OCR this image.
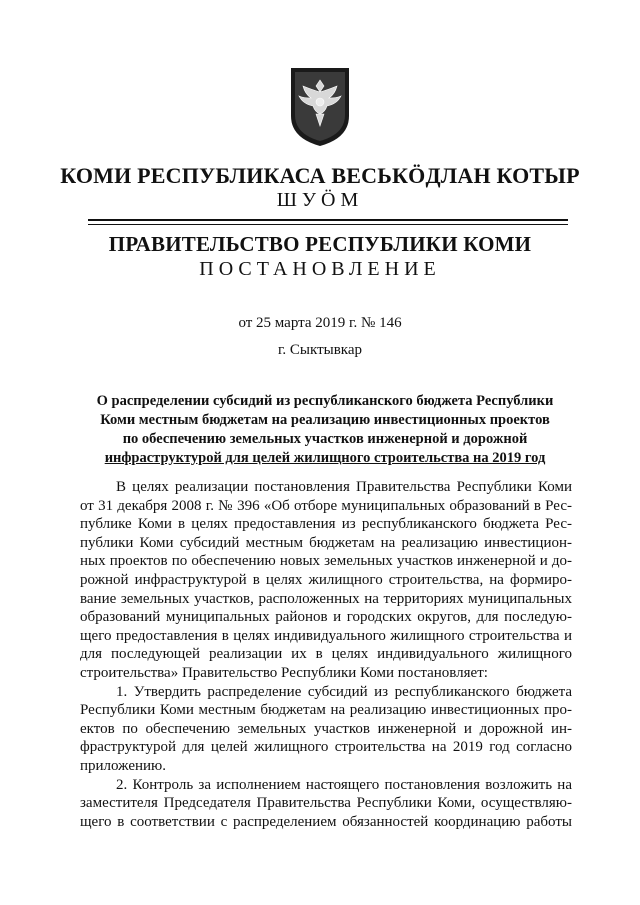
КОМИ РЕСПУБЛИКАСА ВЕСЬКӦДЛАН КОТЫР
ШУӦМ
ПРАВИТЕЛЬСТВО РЕСПУБЛИКИ КОМИ
ПОСТАНОВЛЕНИЕ
от 25 марта 2019 г. № 146
г. Сыктывкар
О распределении субсидий из республиканского бюджета Республики
Коми местным бюджетам на реализацию инвестиционных проектов
по обеспечению земельных участков инженерной и дорожной
инфраструктурой для целей жилищного строительства на 2019 год
В целях реализации постановления Правительства Республики Коми
от 31 декабря 2008 г. № 396 «Об отборе муниципальных образований в Рес-
публике Коми в целях предоставления из республиканского бюджета Рес-
публики Коми субсидий местным бюджетам на реализацию инвестицион-
ных проектов по обеспечению новых земельных участков инженерной и до-
рожной инфраструктурой в целях жилищного строительства, на формиро-
вание земельных участков, расположенных на территориях муниципальных
образований муниципальных районов и городских округов, для последую-
щего предоставления в целях индивидуального жилищного строительства и
для последующей реализации их в целях индивидуального жилищного
строительства» Правительство Республики Коми постановляет:
1. Утвердить распределение субсидий из республиканского бюджета
Республики Коми местным бюджетам на реализацию инвестиционных про-
ектов по обеспечению земельных участков инженерной и дорожной ин-
фраструктурой для целей жилищного строительства на 2019 год согласно
приложению.
2. Контроль за исполнением настоящего постановления возложить на
заместителя Председателя Правительства Республики Коми, осуществляю-
щего в соответствии с распределением обязанностей координацию работы
